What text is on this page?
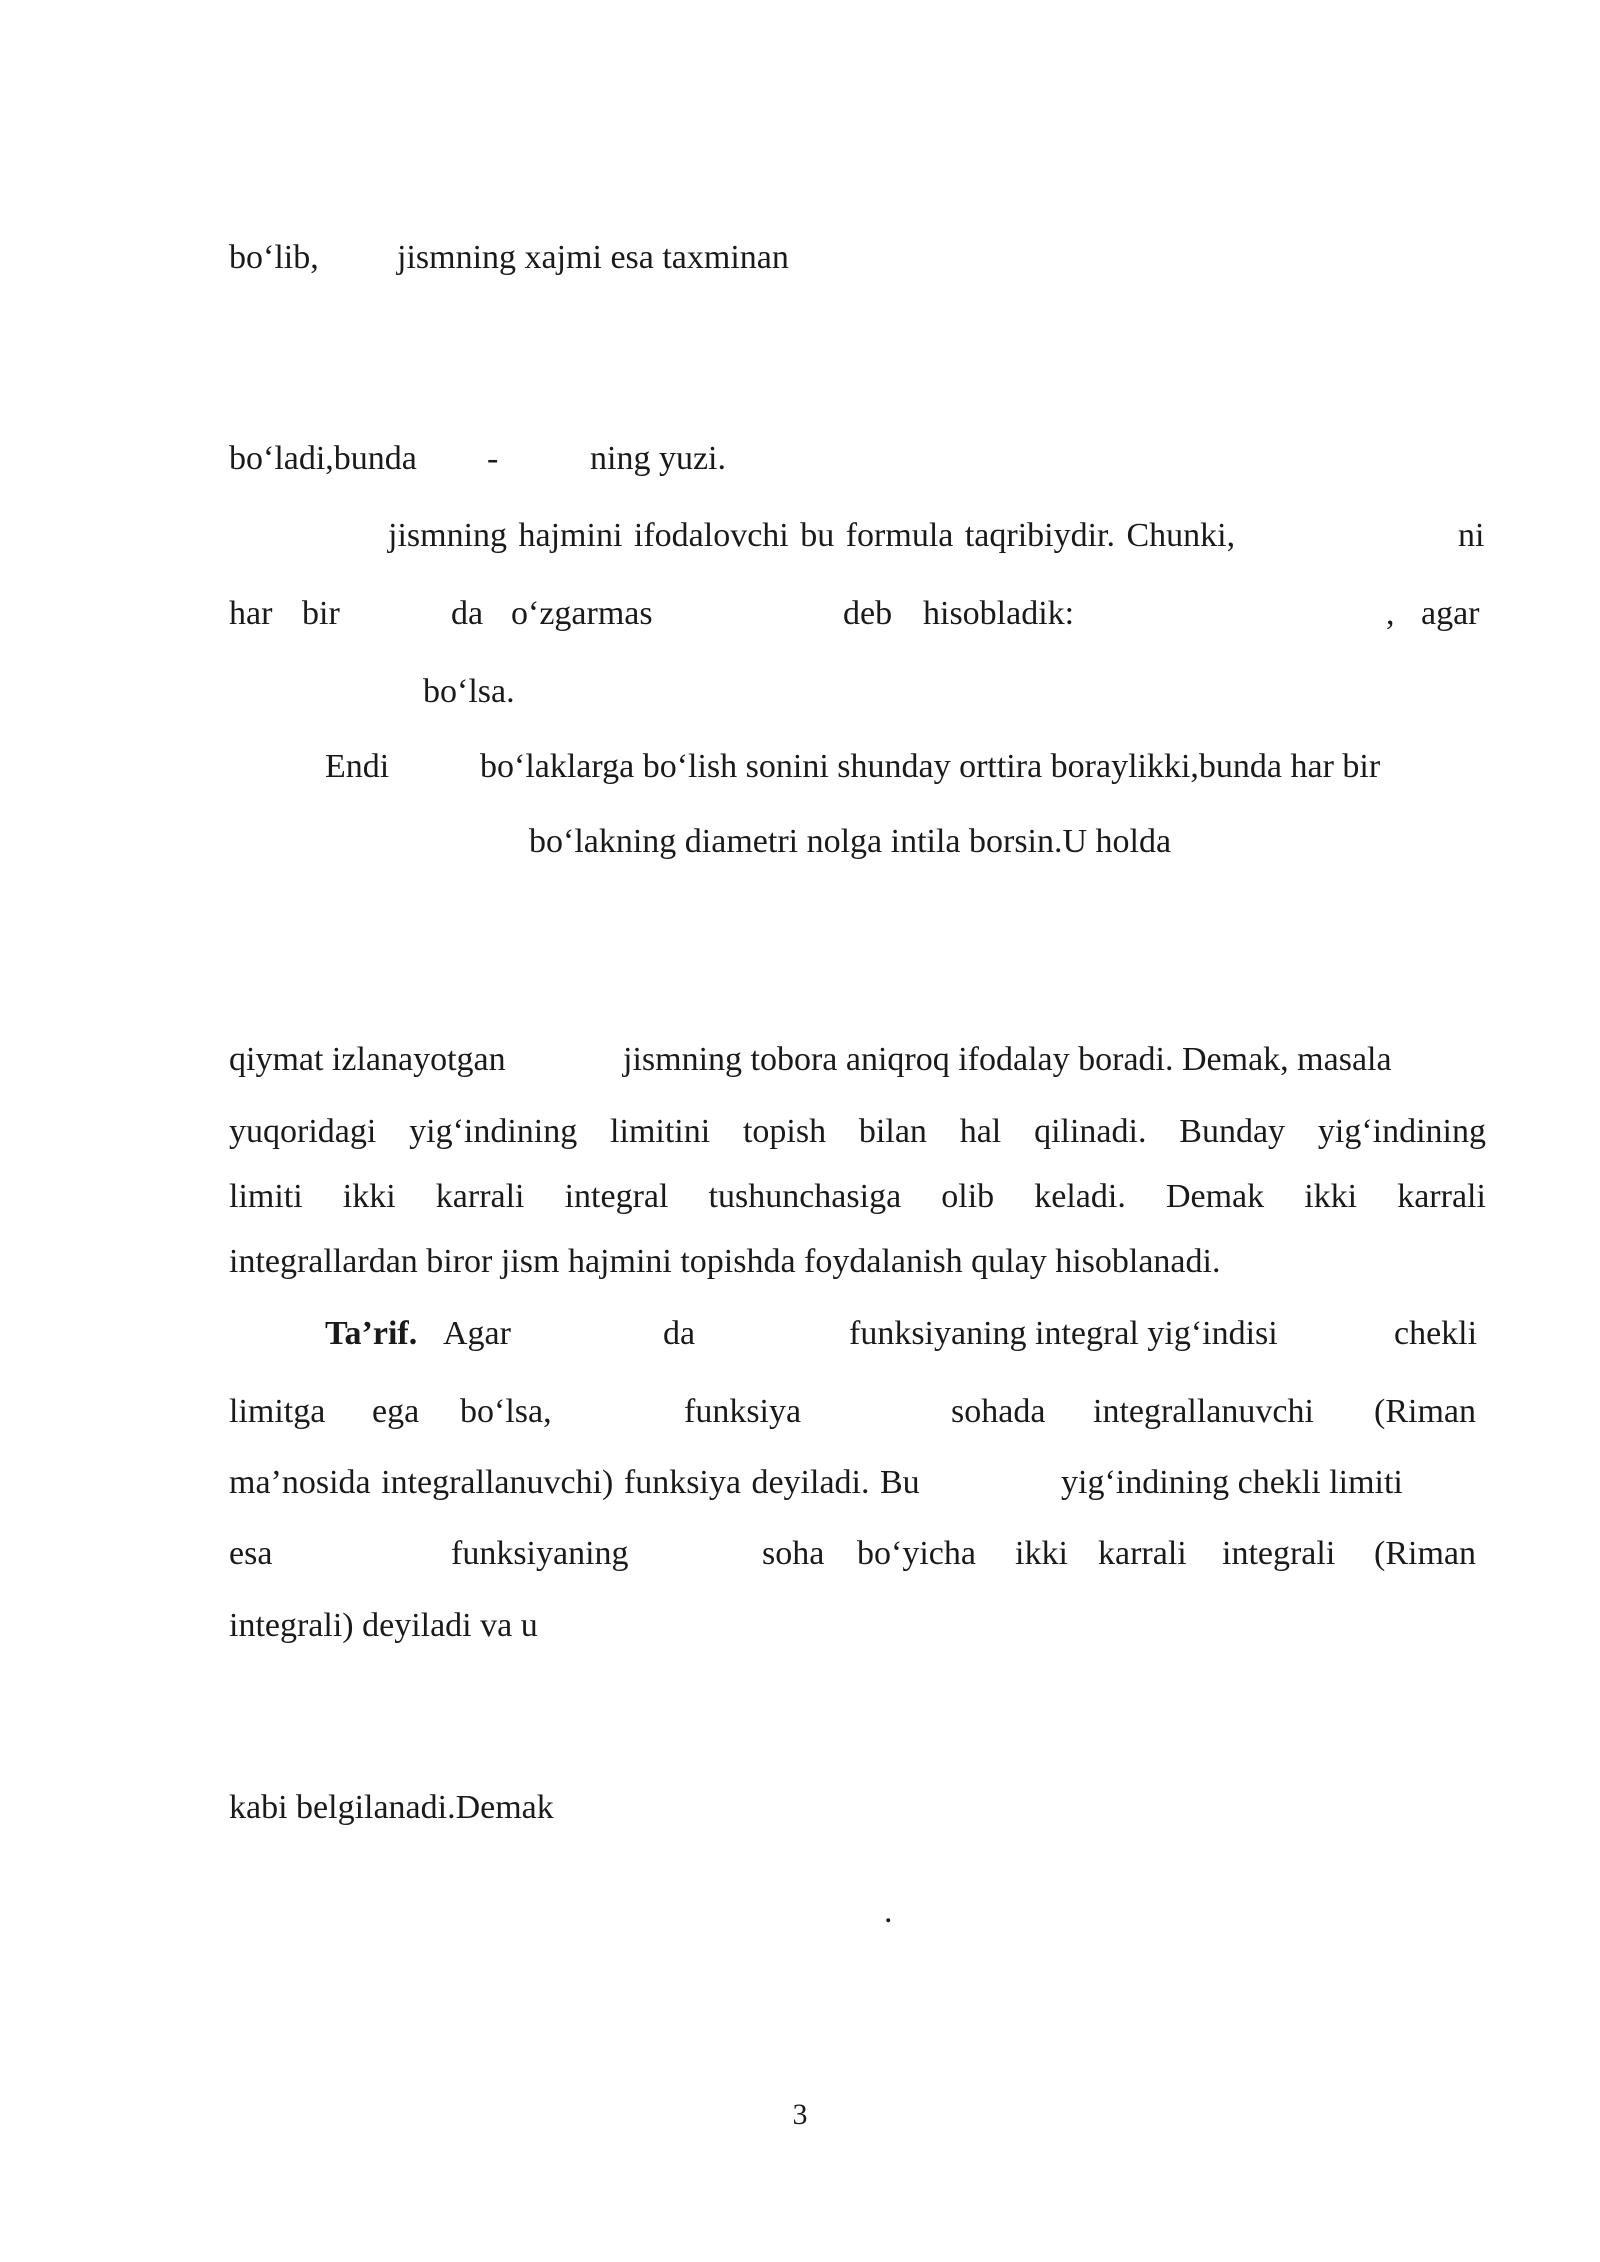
bo‘lib, jismning xajmi esa taxminan
bo‘ladi,bunda -	ning yuzi.
jismning hajmini ifodalovchi bu formula taqribiydir. Chunki,	ni
har bir	da o‘zgarmas	deb hisobladik:	, agar
bo‘lsa.
Endi	bo‘laklarga bo‘lish sonini shunday orttira boraylikki,bunda har bir
bo‘lakning diametri nolga intila borsin.U holda
qiymat izlanayotgan	jismning tobora aniqroq ifodalay boradi. Demak, masala
yuqoridagi yig‘indining limitini topish bilan hal qilinadi. Bunday yig‘indining
limiti ikki karrali integral tushunchasiga olib keladi. Demak ikki karrali
integrallardan biror jism hajmini topishda foydalanish qulay hisoblanadi.
Ta’rif. Agar	da	funksiyaning integral yig‘indisi	chekli
limitga ega bo‘lsa,	funksiya	sohada integrallanuvchi (Riman
ma’nosida integrallanuvchi) funksiya deyiladi. Bu	yig‘indining chekli limiti
esa	funksiyaning	soha bo‘yicha ikki karrali integrali (Riman
integrali) deyiladi va u
kabi belgilanadi.Demak
.
3
